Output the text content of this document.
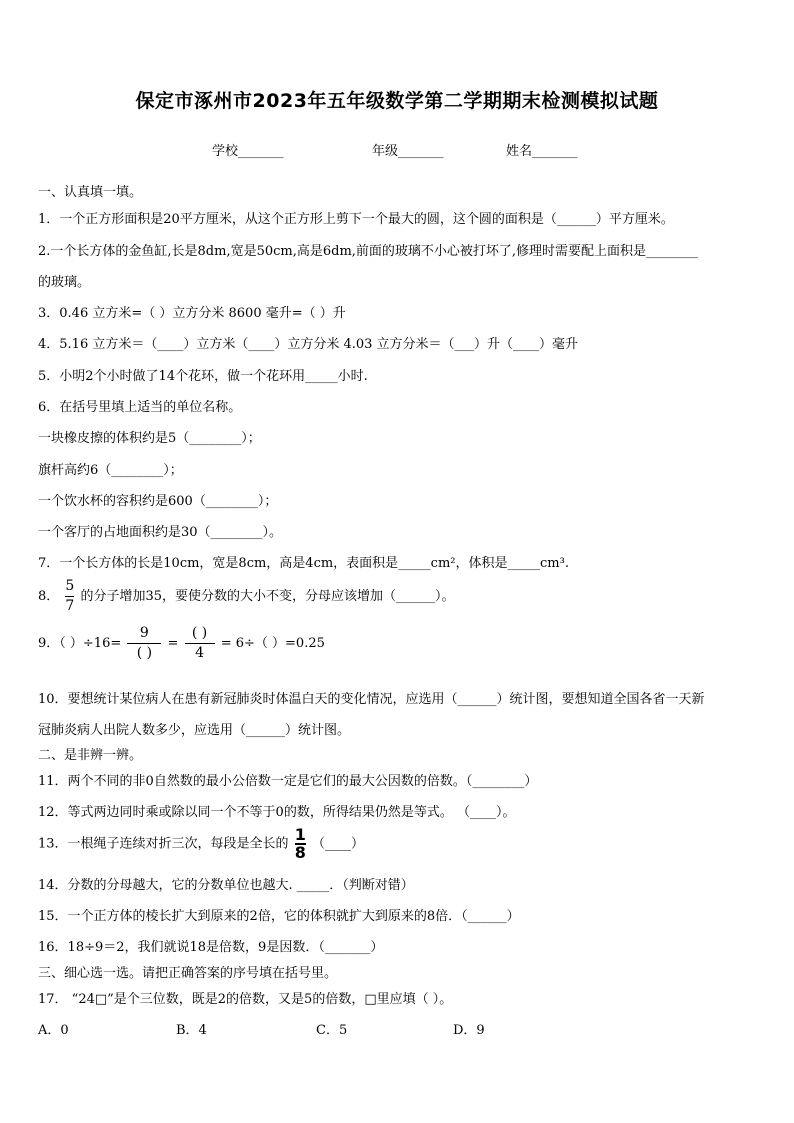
保定市涿州市2023年五年级数学第二学期期末检测模拟试题
学校_______	年级_______	姓名_______
一、认真填一填。
1．一个正方形面积是20平方厘米，从这个正方形上剪下一个最大的圆，这个圆的面积是（______）平方厘米。
2.一个长方体的金鱼缸,长是8dm,宽是50cm,高是6dm,前面的玻璃不小心被打坏了,修理时需要配上面积是________
的玻璃。
3．0.46 立方米=（ ）立方分米 8600 毫升=（ ）升
4．5.16 立方米＝（____）立方米（____）立方分米 4.03 立方分米＝（___）升（____）毫升
5．小明2个小时做了14个花环，做一个花环用_____小时.
6．在括号里填上适当的单位名称。
一块橡皮擦的体积约是5（________）；
旗杆高约6（________）；
一个饮水杯的容积约是600（________）；
一个客厅的占地面积约是30（________）。
7．一个长方体的长是10cm，宽是8cm，高是4cm，表面积是_____cm²，体积是_____cm³.
8． $\frac{5}{7}$ 的分子增加35，要使分数的大小不变，分母应该增加（______）。
9．（ ）$\div 16= \frac{9}{( )} = \frac{( )}{4} = 6\div$（ ）=0.25
10．要想统计某位病人在患有新冠肺炎时体温白天的变化情况，应选用（______）统计图，要想知道全国各省一天新
冠肺炎病人出院人数多少，应选用（______）统计图。
二、是非辨一辨。
11．两个不同的非0自然数的最小公倍数一定是它们的最大公因数的倍数。（________）
12．等式两边同时乘或除以同一个不等于0的数，所得结果仍然是等式。 （____）。
13．一根绳子连续对折三次，每段是全长的 $\frac{1}{8}$ （____）
14．分数的分母越大，它的分数单位也越大. _____．（判断对错）
15．一个正方体的棱长扩大到原来的2倍，它的体积就扩大到原来的8倍．（______）
16．18÷9＝2，我们就说18是倍数，9是因数．（_______）
三、细心选一选。请把正确答案的序号填在括号里。
17． “24□”是个三位数，既是2的倍数，又是5的倍数，□里应填（ ）。
A．0	B．4	C．5	D．9
